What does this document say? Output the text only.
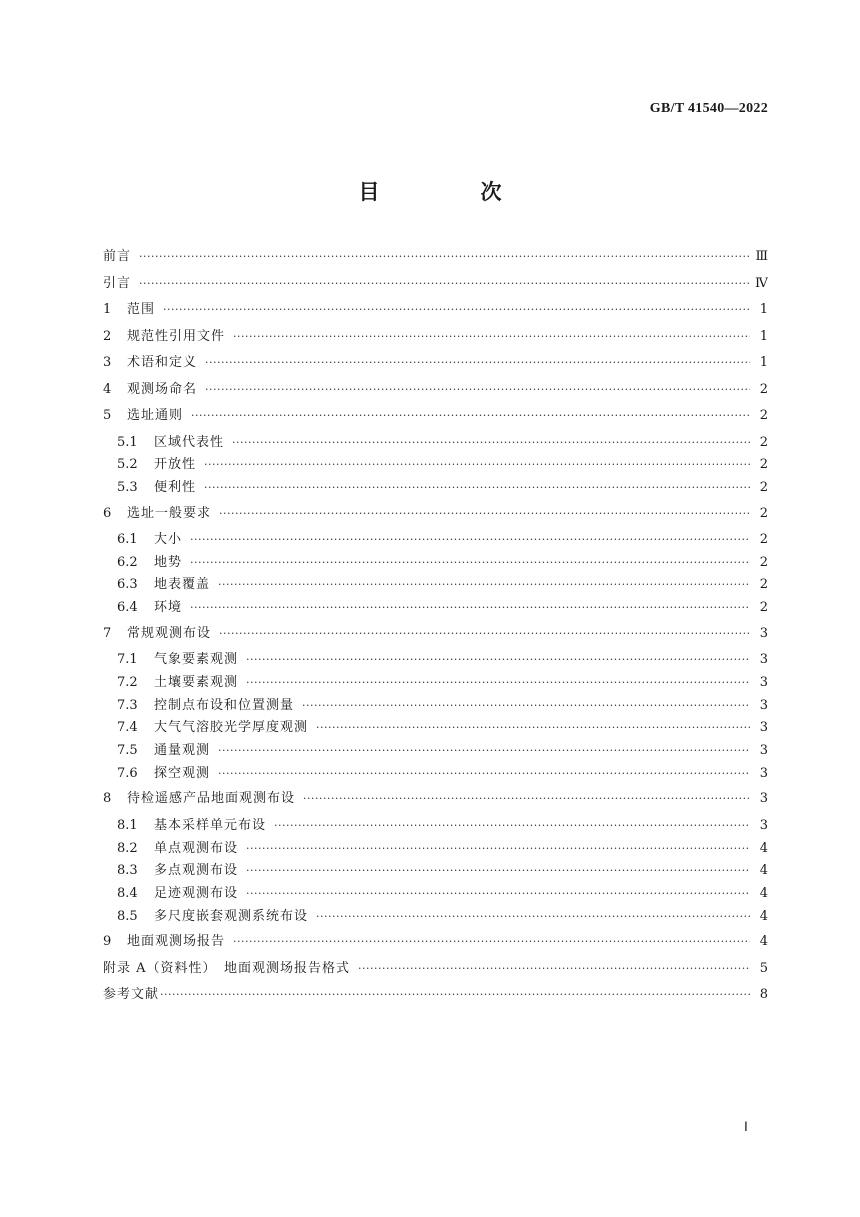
GB/T 41540—2022
目　次
前言 ·····	Ⅲ
引言 ·····	Ⅳ
1	范围 ·····	1
2	规范性引用文件 ·····	1
3	术语和定义 ·····	1
4	观测场命名 ·····	2
5	选址通则 ·····	2
5.1	区域代表性 ·····	2
5.2	开放性 ·····	2
5.3	便利性 ·····	2
6	选址一般要求 ·····	2
6.1	大小 ·····	2
6.2	地势 ·····	2
6.3	地表覆盖 ·····	2
6.4	环境 ·····	2
7	常规观测布设 ·····	3
7.1	气象要素观测 ·····	3
7.2	土壤要素观测 ·····	3
7.3	控制点布设和位置测量 ·····	3
7.4	大气气溶胶光学厚度观测 ·····	3
7.5	通量观测 ·····	3
7.6	探空观测 ·····	3
8	待检遥感产品地面观测布设 ·····	3
8.1	基本采样单元布设 ·····	3
8.2	单点观测布设 ·····	4
8.3	多点观测布设 ·····	4
8.4	足迹观测布设 ·····	4
8.5	多尺度嵌套观测系统布设 ·····	4
9	地面观测场报告 ·····	4
附录 A（资料性）　地面观测场报告格式 ·····	5
参考文献 ·····	8
Ⅰ
